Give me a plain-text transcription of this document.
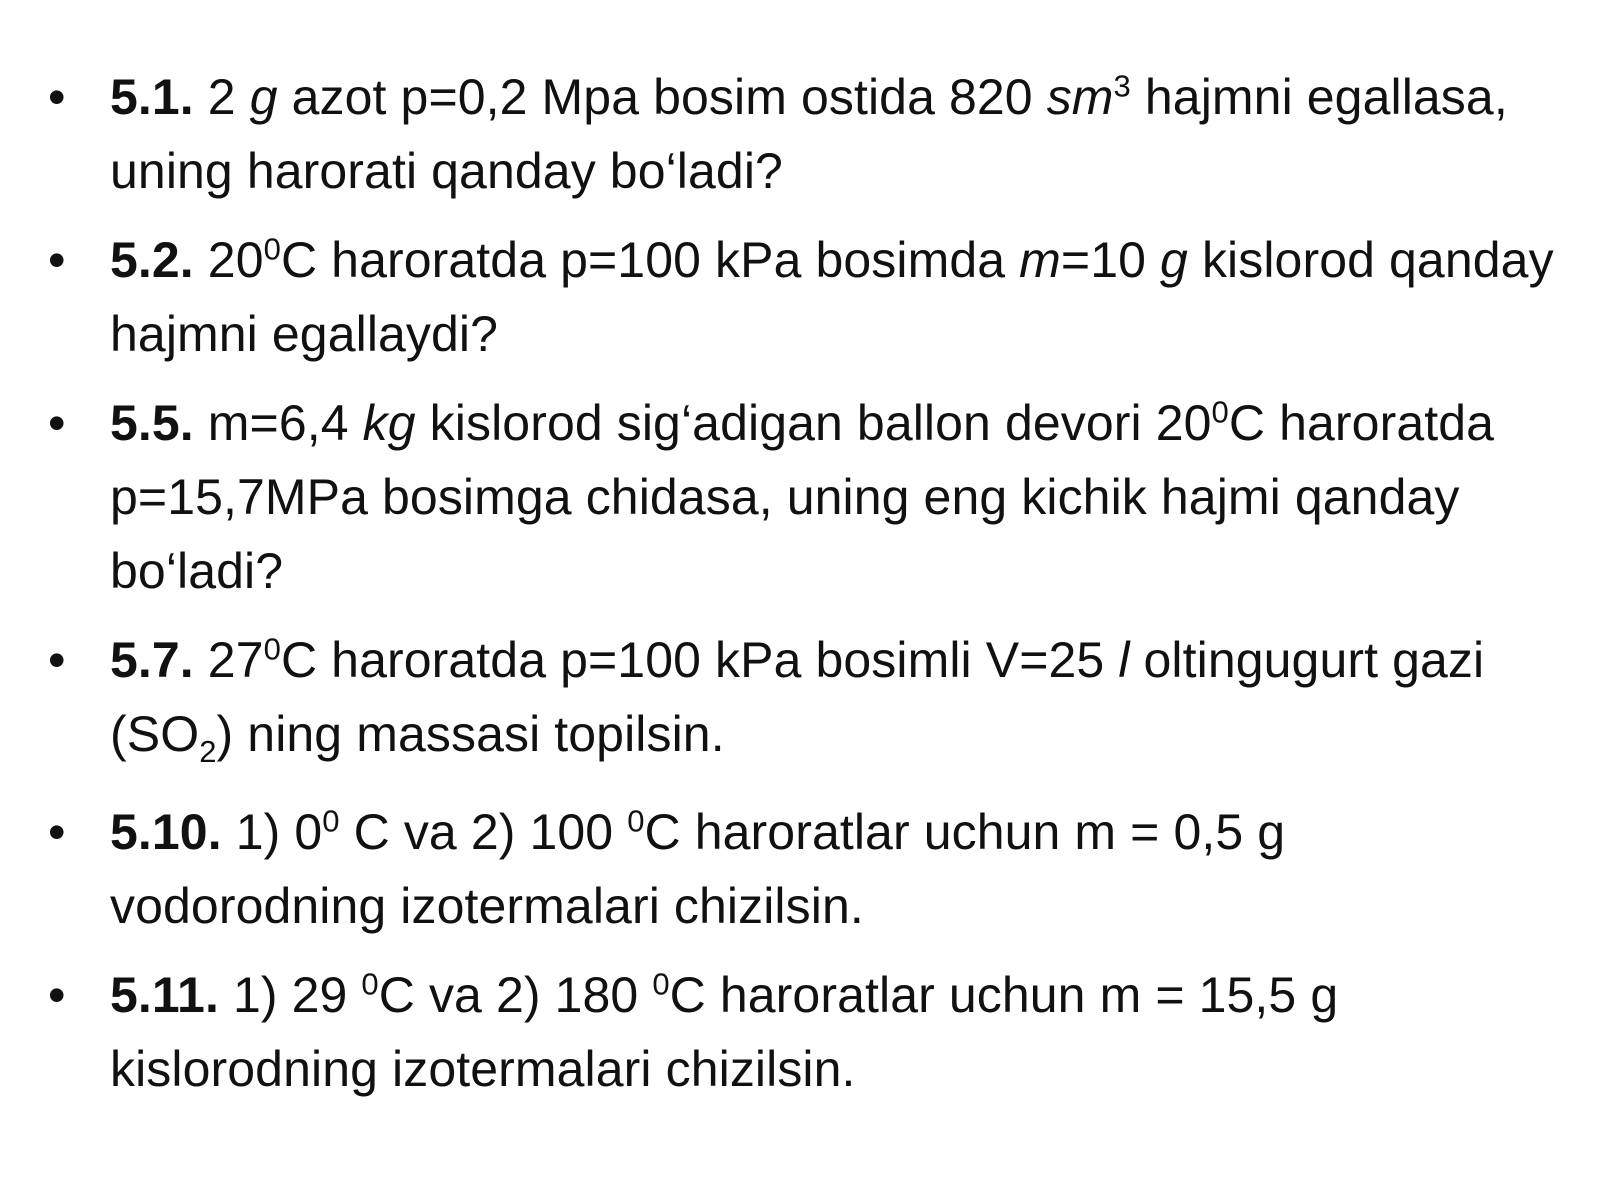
• 5.1. 2 g azot p=0,2 Mpa bosim ostida 820 $sm^3$ hajmni egallasa, uning harorati qanday bo‘ladi?
• 5.2. $20^0C$ haroratda p=100 kPa bosimda m=10 g kislorod qanday hajmni egallaydi?
• 5.5. m=6,4 kg kislorod sig‘adigan ballon devori $20^0C$ haroratda p=15,7MPa bosimga chidasa, uning eng kichik hajmi qanday bo‘ladi?
• 5.7. $27^0C$ haroratda p=100 kPa bosimli V=25 l oltingugurt gazi $(SO_2)$ ning massasi topilsin.
• 5.10. 1) $0^0$ C va 2) 100 $^0$C haroratlar uchun m = 0,5 g vodorodning izotermalari chizilsin.
• 5.11. 1) 29 $^0$C va 2) 180 $^0$C haroratlar uchun m = 15,5 g kislorodning izotermalari chizilsin.
